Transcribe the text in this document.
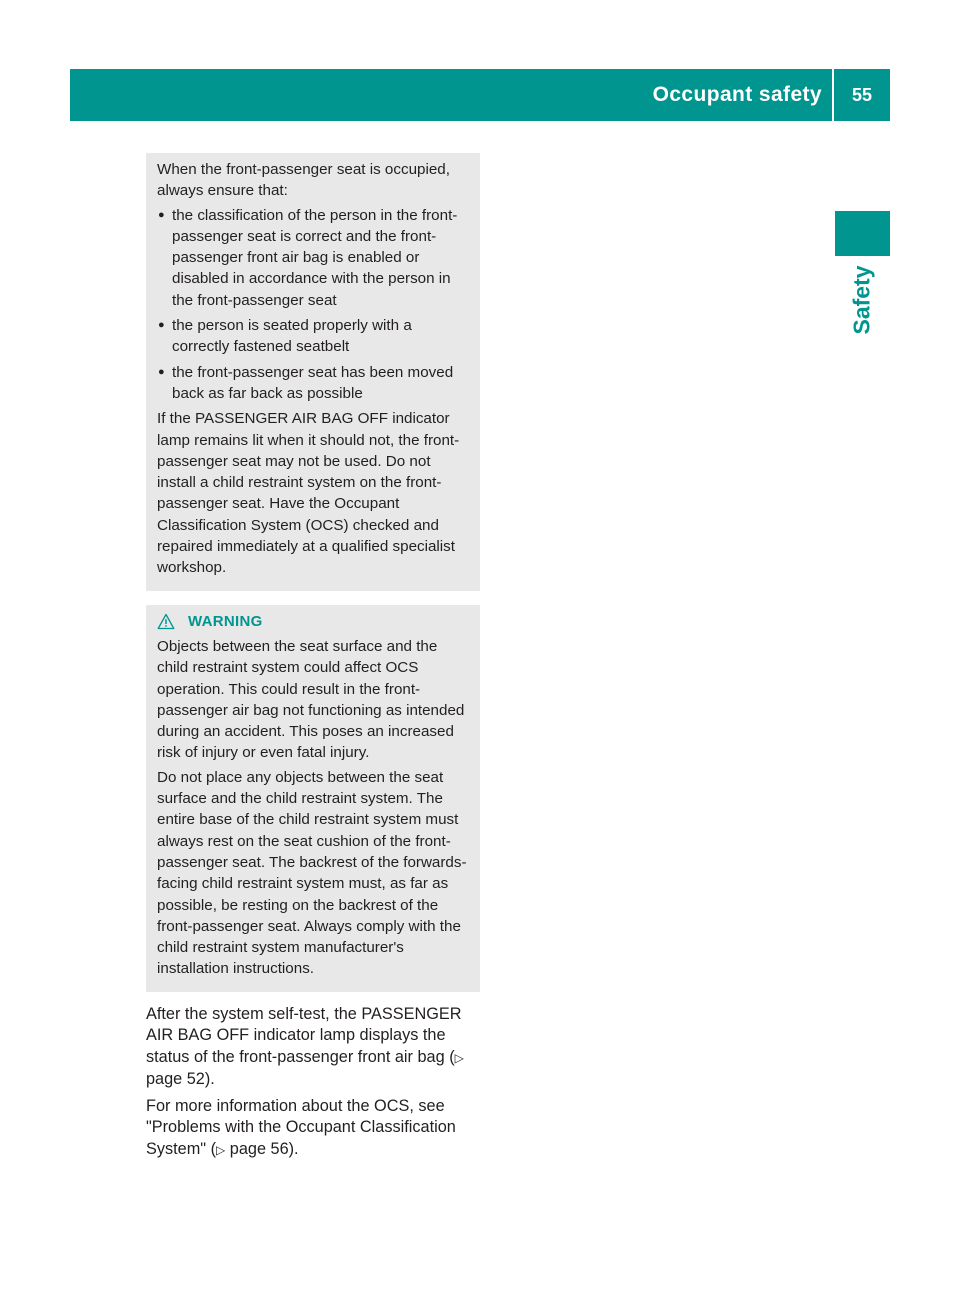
Occupant safety	55
Safety

When the front-passenger seat is occupied, always ensure that:

● the classification of the person in the front-passenger seat is correct and the front-passenger front air bag is enabled or disabled in accordance with the person in the front-passenger seat
● the person is seated properly with a correctly fastened seatbelt
● the front-passenger seat has been moved back as far back as possible

If the PASSENGER AIR BAG OFF indicator lamp remains lit when it should not, the front-passenger seat may not be used. Do not install a child restraint system on the front-passenger seat. Have the Occupant Classification System (OCS) checked and repaired immediately at a qualified specialist workshop.

WARNING

Objects between the seat surface and the child restraint system could affect OCS operation. This could result in the front-passenger air bag not functioning as intended during an accident. This poses an increased risk of injury or even fatal injury.

Do not place any objects between the seat surface and the child restraint system. The entire base of the child restraint system must always rest on the seat cushion of the front-passenger seat. The backrest of the forwards-facing child restraint system must, as far as possible, be resting on the backrest of the front-passenger seat. Always comply with the child restraint system manufacturer's installation instructions.

After the system self-test, the PASSENGER AIR BAG OFF indicator lamp displays the status of the front-passenger front air bag (▷ page 52).

For more information about the OCS, see "Problems with the Occupant Classification System" (▷ page 56).
